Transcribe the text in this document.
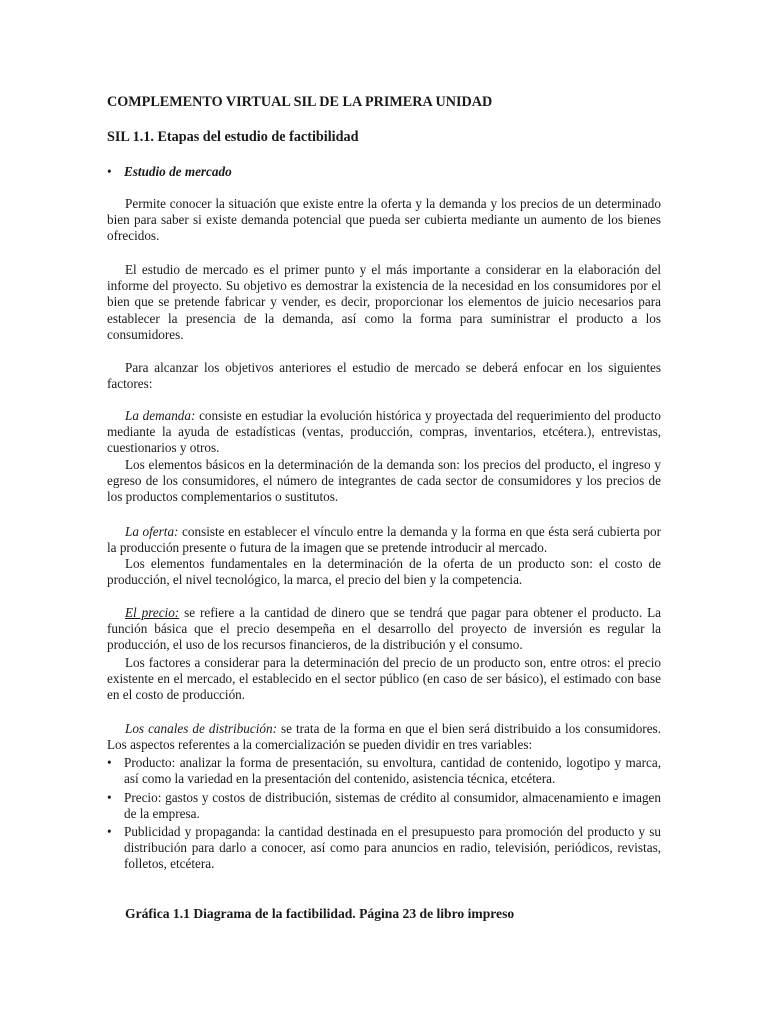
COMPLEMENTO VIRTUAL SIL DE LA PRIMERA UNIDAD

SIL 1.1. Etapas del estudio de factibilidad

• Estudio de mercado

Permite conocer la situación que existe entre la oferta y la demanda y los precios de un determinado bien para saber si existe demanda potencial que pueda ser cubierta mediante un aumento de los bienes ofrecidos.

El estudio de mercado es el primer punto y el más importante a considerar en la elaboración del informe del proyecto. Su objetivo es demostrar la existencia de la necesidad en los consumidores por el bien que se pretende fabricar y vender, es decir, proporcionar los elementos de juicio necesarios para establecer la presencia de la demanda, así como la forma para suministrar el producto a los consumidores.

Para alcanzar los objetivos anteriores el estudio de mercado se deberá enfocar en los siguientes factores:

La demanda: consiste en estudiar la evolución histórica y proyectada del requerimiento del producto mediante la ayuda de estadísticas (ventas, producción, compras, inventarios, etcétera.), entrevistas, cuestionarios y otros.

Los elementos básicos en la determinación de la demanda son: los precios del producto, el ingreso y egreso de los consumidores, el número de integrantes de cada sector de consumidores y los precios de los productos complementarios o sustitutos.

La oferta: consiste en establecer el vínculo entre la demanda y la forma en que ésta será cubierta por la producción presente o futura de la imagen que se pretende introducir al mercado.

Los elementos fundamentales en la determinación de la oferta de un producto son: el costo de producción, el nivel tecnológico, la marca, el precio del bien y la competencia.

El precio: se refiere a la cantidad de dinero que se tendrá que pagar para obtener el producto. La función básica que el precio desempeña en el desarrollo del proyecto de inversión es regular la producción, el uso de los recursos financieros, de la distribución y el consumo.

Los factores a considerar para la determinación del precio de un producto son, entre otros: el precio existente en el mercado, el establecido en el sector público (en caso de ser básico), el estimado con base en el costo de producción.

Los canales de distribución: se trata de la forma en que el bien será distribuido a los consumidores. Los aspectos referentes a la comercialización se pueden dividir en tres variables:

• Producto: analizar la forma de presentación, su envoltura, cantidad de contenido, logotipo y marca, así como la variedad en la presentación del contenido, asistencia técnica, etcétera.
• Precio: gastos y costos de distribución, sistemas de crédito al consumidor, almacenamiento e imagen de la empresa.
• Publicidad y propaganda: la cantidad destinada en el presupuesto para promoción del producto y su distribución para darlo a conocer, así como para anuncios en radio, televisión, periódicos, revistas, folletos, etcétera.

Gráfica 1.1 Diagrama de la factibilidad. Página 23 de libro impreso
